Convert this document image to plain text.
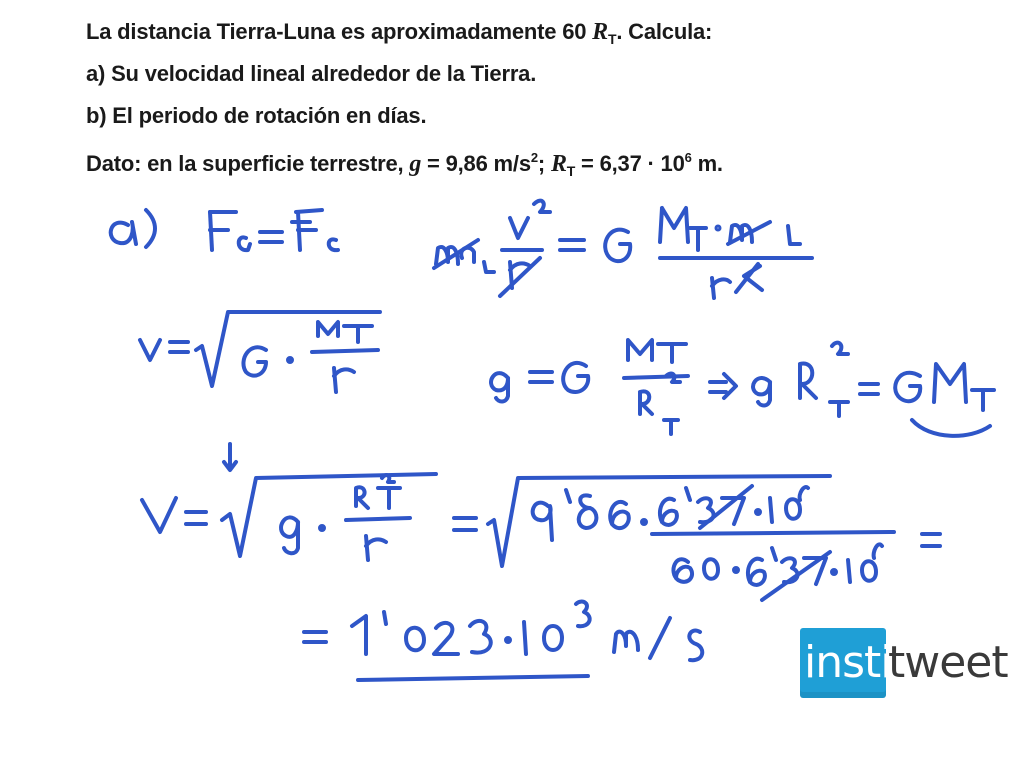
La distancia Tierra-Luna es aproximadamente 60 $R_T$. Calcula:
a) Su velocidad lineal alrededor de la Tierra.
b) El periodo de rotación en días.
Dato: en la superficie terrestre, g = 9,86 $m/s^2$; $R_T = 6,37 \cdot 10^6$ m.
insti
tweet
